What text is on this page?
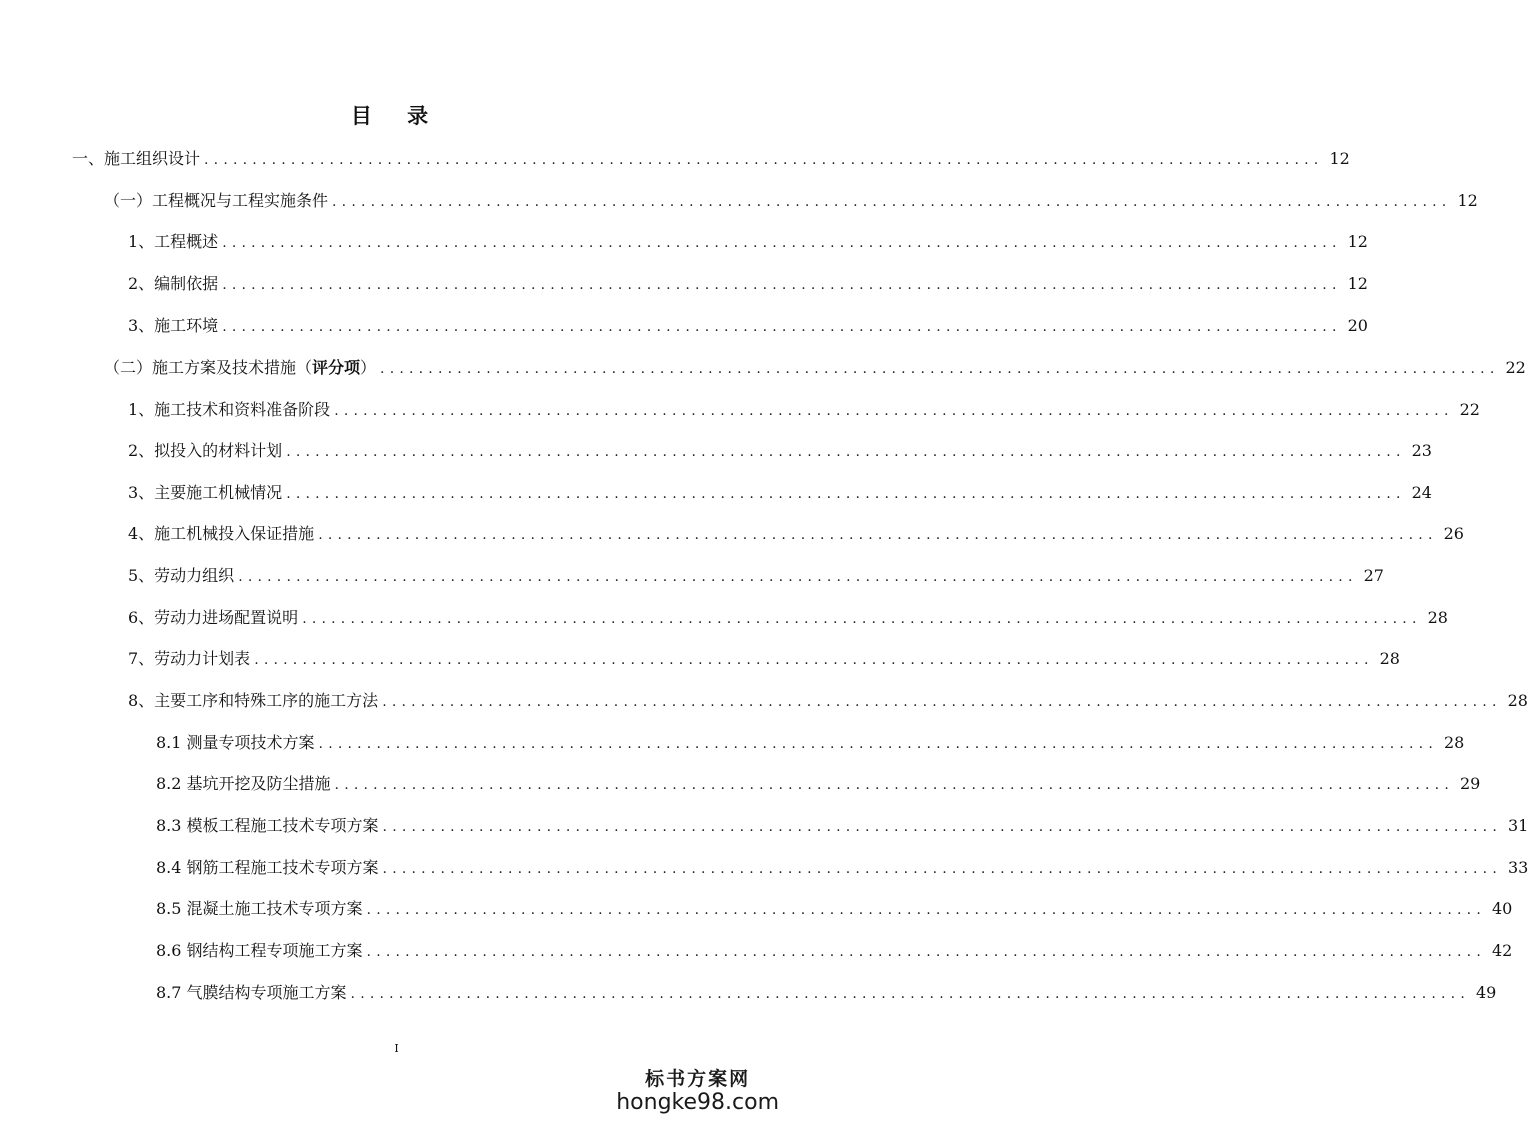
目 录
一、施工组织设计 .................................................................................................................... 12
（一）工程概况与工程实施条件 .................................................................................................................... 12
1、工程概述 .................................................................................................................... 12
2、编制依据 .................................................................................................................... 12
3、施工环境 .................................................................................................................... 20
（二）施工方案及技术措施（评分项） .................................................................................................................... 22
1、施工技术和资料准备阶段 .................................................................................................................... 22
2、拟投入的材料计划 .................................................................................................................... 23
3、主要施工机械情况 .................................................................................................................... 24
4、施工机械投入保证措施 .................................................................................................................... 26
5、劳动力组织 .................................................................................................................... 27
6、劳动力进场配置说明 .................................................................................................................... 28
7、劳动力计划表 .................................................................................................................... 28
8、主要工序和特殊工序的施工方法 .................................................................................................................... 28
8.1 测量专项技术方案 .................................................................................................................... 28
8.2 基坑开挖及防尘措施 .................................................................................................................... 29
8.3 模板工程施工技术专项方案 .................................................................................................................... 31
8.4 钢筋工程施工技术专项方案 .................................................................................................................... 33
8.5 混凝土施工技术专项方案 .................................................................................................................... 40
8.6 钢结构工程专项施工方案 .................................................................................................................... 42
8.7 气膜结构专项施工方案 .................................................................................................................... 49
I
标书方案网
hongke98.com
